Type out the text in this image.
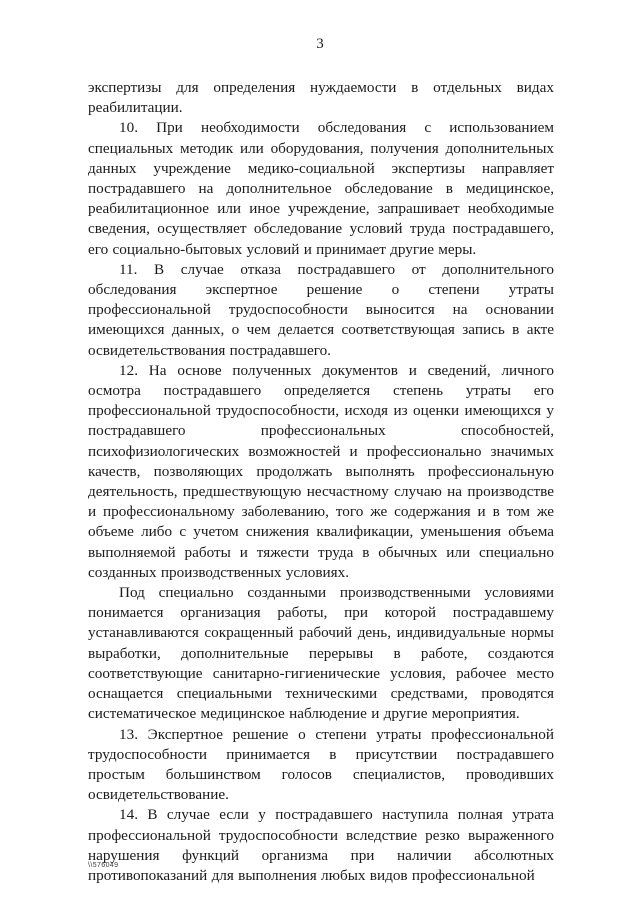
3

экспертизы для определения нуждаемости в отдельных видах реабилитации.

10. При необходимости обследования с использованием специальных методик или оборудования, получения дополнительных данных учреждение медико-социальной экспертизы направляет пострадавшего на дополнительное обследование в медицинское, реабилитационное или иное учреждение, запрашивает необходимые сведения, осуществляет обследование условий труда пострадавшего, его социально-бытовых условий и принимает другие меры.

11. В случае отказа пострадавшего от дополнительного обследования экспертное решение о степени утраты профессиональной трудоспособности выносится на основании имеющихся данных, о чем делается соответствующая запись в акте освидетельствования пострадавшего.

12. На основе полученных документов и сведений, личного осмотра пострадавшего определяется степень утраты его профессиональной трудоспособности, исходя из оценки имеющихся у пострадавшего профессиональных способностей, психофизиологических возможностей и профессионально значимых качеств, позволяющих продолжать выполнять профессиональную деятельность, предшествующую несчастному случаю на производстве и профессиональному заболеванию, того же содержания и в том же объеме либо с учетом снижения квалификации, уменьшения объема выполняемой работы и тяжести труда в обычных или специально созданных производственных условиях.

Под специально созданными производственными условиями понимается организация работы, при которой пострадавшему устанавливаются сокращенный рабочий день, индивидуальные нормы выработки, дополнительные перерывы в работе, создаются соответствующие санитарно-гигиенические условия, рабочее место оснащается специальными техническими средствами, проводятся систематическое медицинское наблюдение и другие мероприятия.

13. Экспертное решение о степени утраты профессиональной трудоспособности принимается в присутствии пострадавшего простым большинством голосов специалистов, проводивших освидетельствование.

14. В случае если у пострадавшего наступила полная утрата профессиональной трудоспособности вследствие резко выраженного нарушения функций организма при наличии абсолютных противопоказаний для выполнения любых видов профессиональной

\\576049
